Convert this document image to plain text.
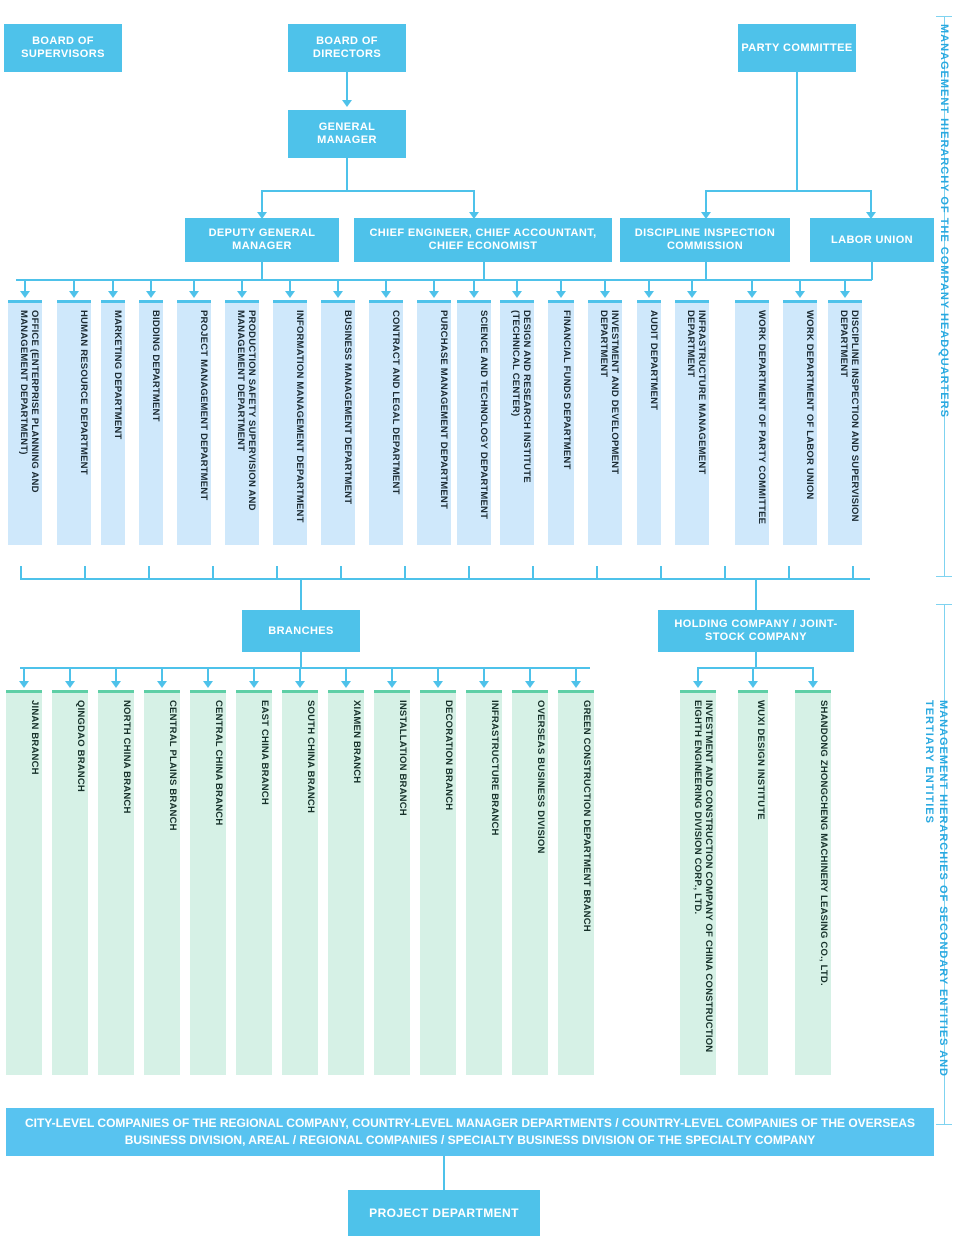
BOARD OF SUPERVISORS
BOARD OF DIRECTORS
PARTY COMMITTEE
GENERAL MANAGER
DEPUTY GENERAL MANAGER
CHIEF ENGINEER, CHIEF ACCOUNTANT, CHIEF ECONOMIST
DISCIPLINE INSPECTION COMMISSION
LABOR UNION
OFFICE (ENTERPRISE PLANNING AND MANAGEMENT DEPARTMENT)	HUMAN RESOURCE DEPARTMENT	MARKETING DEPARTMENT	BIDDING DEPARTMENT	PROJECT MANAGEMENT DEPARTMENT	PRODUCTION SAFETY SUPERVISION AND MANAGEMENT DEPARTMENT	INFORMATION MANAGEMENT DEPARTMENT	BUSINESS MANAGEMENT DEPARTMENT	CONTRACT AND LEGAL DEPARTMENT	PURCHASE MANAGEMENT DEPARTMENT	SCIENCE AND TECHNOLOGY DEPARTMENT	DESIGN AND RESEARCH INSTITUTE (TECHNICAL CENTER)	FINANCIAL FUNDS DEPARTMENT	INVESTMENT AND DEVELOPMENT DEPARTMENT	AUDIT DEPARTMENT	INFRASTRUCTURE MANAGEMENT DEPARTMENT	WORK DEPARTMENT OF PARTY COMMITTEE	WORK DEPARTMENT OF LABOR UNION	DISCIPLINE INSPECTION AND SUPERVISION DEPARTMENT
BRANCHES
HOLDING COMPANY / JOINT-STOCK COMPANY
JINAN BRANCH	QINGDAO BRANCH	NORTH CHINA BRANCH	CENTRAL PLAINS BRANCH	CENTRAL CHINA BRANCH	EAST CHINA BRANCH	SOUTH CHINA BRANCH	XIAMEN BRANCH	INSTALLATION BRANCH	DECORATION BRANCH	INFRASTRUCTURE BRANCH	OVERSEAS BUSINESS DIVISION	GREEN CONSTRUCTION DEPARTMENT BRANCH	INVESTMENT AND CONSTRUCTION COMPANY OF CHINA CONSTRUCTION EIGHTH ENGINEERING DIVISION CORP., LTD.	WUXI DESIGN INSTITUTE	SHANDONG ZHONGCHENG MACHINERY LEASING CO., LTD.
CITY-LEVEL COMPANIES OF THE REGIONAL COMPANY, COUNTRY-LEVEL MANAGER DEPARTMENTS / COUNTRY-LEVEL COMPANIES OF THE OVERSEAS BUSINESS DIVISION, AREAL / REGIONAL COMPANIES / SPECIALTY BUSINESS DIVISION OF THE SPECIALTY COMPANY
PROJECT DEPARTMENT
MANAGEMENT HIERARCHY OF THE COMPANY HEADQUARTERS
MANAGEMENT HIERARCHIES OF SECONDARY ENTITIES AND TERTIARY ENTITIES
